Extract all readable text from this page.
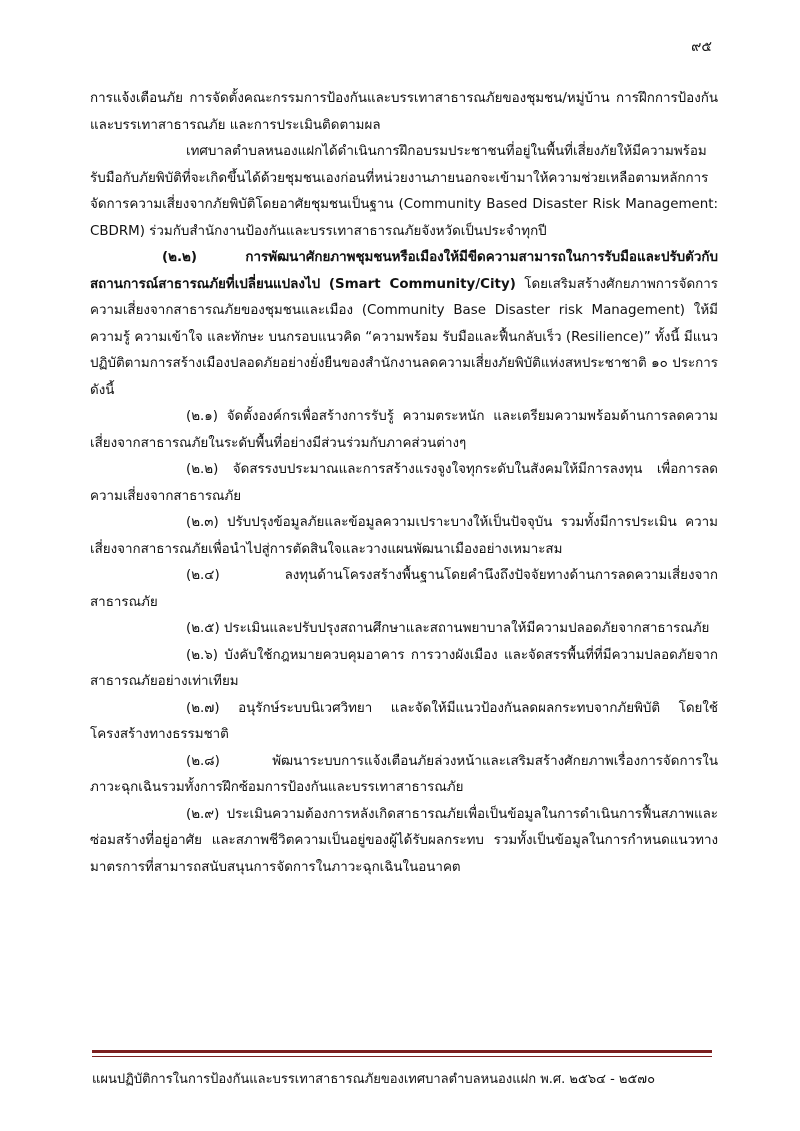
๙๕

การแจ้งเตือนภัย การจัดตั้งคณะกรรมการป้องกันและบรรเทาสาธารณภัยของชุมชน/หมู่บ้าน การฝึกการป้องกันและบรรเทาสาธารณภัย และการประเมินติดตามผล

เทศบาลตำบลหนองแฝกได้ดำเนินการฝึกอบรมประชาชนที่อยู่ในพื้นที่เสี่ยงภัยให้มีความพร้อมรับมือกับภัยพิบัติที่จะเกิดขึ้นได้ด้วยชุมชนเองก่อนที่หน่วยงานภายนอกจะเข้ามาให้ความช่วยเหลือตามหลักการจัดการความเสี่ยงจากภัยพิบัติโดยอาศัยชุมชนเป็นฐาน (Community Based Disaster Risk Management: CBDRM) ร่วมกับสำนักงานป้องกันและบรรเทาสาธารณภัยจังหวัดเป็นประจำทุกปี

(๒.๒) การพัฒนาศักยภาพชุมชนหรือเมืองให้มีขีดความสามารถในการรับมือและปรับตัวกับสถานการณ์สาธารณภัยที่เปลี่ยนแปลงไป (Smart Community/City) โดยเสริมสร้างศักยภาพการจัดการความเสี่ยงจากสาธารณภัยของชุมชนและเมือง (Community Base Disaster risk Management) ให้มีความรู้ ความเข้าใจ และทักษะ บนกรอบแนวคิด “ความพร้อม รับมือและฟื้นกลับเร็ว (Resilience)” ทั้งนี้ มีแนวปฏิบัติตามการสร้างเมืองปลอดภัยอย่างยั่งยืนของสำนักงานลดความเสี่ยงภัยพิบัติแห่งสหประชาชาติ ๑๐ ประการ ดังนี้

(๒.๑) จัดตั้งองค์กรเพื่อสร้างการรับรู้ ความตระหนัก และเตรียมความพร้อมด้านการลดความเสี่ยงจากสาธารณภัยในระดับพื้นที่อย่างมีส่วนร่วมกับภาคส่วนต่างๆ

(๒.๒) จัดสรรงบประมาณและการสร้างแรงจูงใจทุกระดับในสังคมให้มีการลงทุน เพื่อการลดความเสี่ยงจากสาธารณภัย

(๒.๓) ปรับปรุงข้อมูลภัยและข้อมูลความเปราะบางให้เป็นปัจจุบัน รวมทั้งมีการประเมิน ความเสี่ยงจากสาธารณภัยเพื่อนำไปสู่การตัดสินใจและวางแผนพัฒนาเมืองอย่างเหมาะสม

(๒.๔) ลงทุนด้านโครงสร้างพื้นฐานโดยคำนึงถึงปัจจัยทางด้านการลดความเสี่ยงจากสาธารณภัย

(๒.๕) ประเมินและปรับปรุงสถานศึกษาและสถานพยาบาลให้มีความปลอดภัยจากสาธารณภัย

(๒.๖) บังคับใช้กฎหมายควบคุมอาคาร การวางผังเมือง และจัดสรรพื้นที่ที่มีความปลอดภัยจากสาธารณภัยอย่างเท่าเทียม

(๒.๗) อนุรักษ์ระบบนิเวศวิทยา และจัดให้มีแนวป้องกันลดผลกระทบจากภัยพิบัติ โดยใช้โครงสร้างทางธรรมชาติ

(๒.๘) พัฒนาระบบการแจ้งเตือนภัยล่วงหน้าและเสริมสร้างศักยภาพเรื่องการจัดการในภาวะฉุกเฉินรวมทั้งการฝึกซ้อมการป้องกันและบรรเทาสาธารณภัย

(๒.๙) ประเมินความต้องการหลังเกิดสาธารณภัยเพื่อเป็นข้อมูลในการดำเนินการฟื้นสภาพและซ่อมสร้างที่อยู่อาศัย และสภาพชีวิตความเป็นอยู่ของผู้ได้รับผลกระทบ รวมทั้งเป็นข้อมูลในการกำหนดแนวทางมาตรการที่สามารถสนับสนุนการจัดการในภาวะฉุกเฉินในอนาคต

แผนปฏิบัติการในการป้องกันและบรรเทาสาธารณภัยของเทศบาลตำบลหนองแฝก พ.ศ. ๒๕๖๔ - ๒๕๗๐
